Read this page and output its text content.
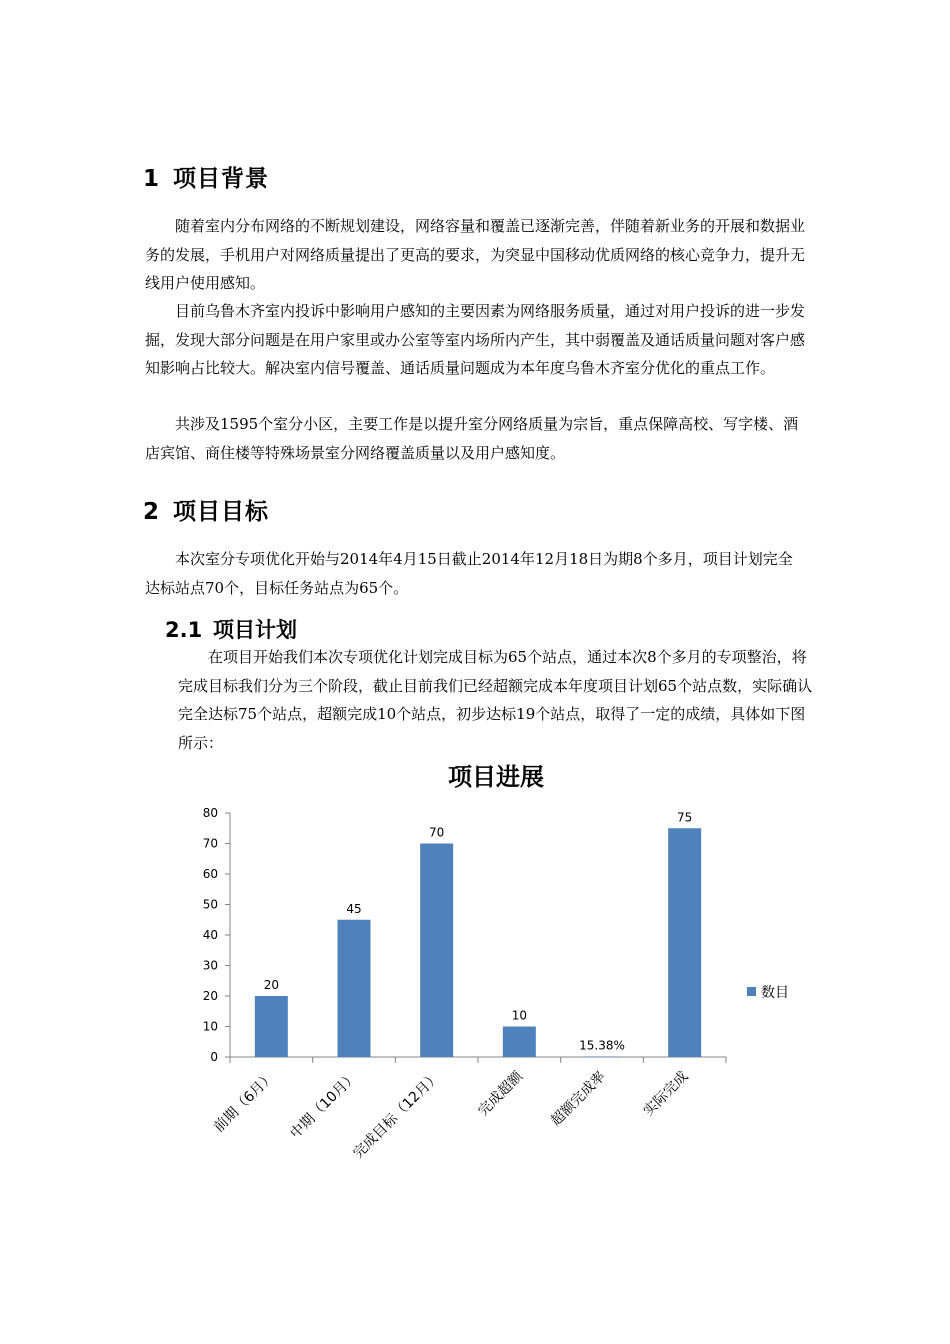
1 项目背景

随着室内分布网络的不断规划建设，网络容量和覆盖已逐渐完善，伴随着新业务的开展和数据业务的发展，手机用户对网络质量提出了更高的要求，为突显中国移动优质网络的核心竞争力，提升无线用户使用感知。

目前乌鲁木齐室内投诉中影响用户感知的主要因素为网络服务质量，通过对用户投诉的进一步发掘，发现大部分问题是在用户家里或办公室等室内场所内产生，其中弱覆盖及通话质量问题对客户感知影响占比较大。解决室内信号覆盖、通话质量问题成为本年度乌鲁木齐室分优化的重点工作。

共涉及1595个室分小区，主要工作是以提升室分网络质量为宗旨，重点保障高校、写字楼、酒店宾馆、商住楼等特殊场景室分网络覆盖质量以及用户感知度。

2 项目目标

本次室分专项优化开始与2014年4月15日截止2014年12月18日为期8个多月，项目计划完全达标站点70个，目标任务站点为65个。

2.1 项目计划

在项目开始我们本次专项优化计划完成目标为65个站点，通过本次8个多月的专项整治，将完成目标我们分为三个阶段，截止目前我们已经超额完成本年度项目计划65个站点数，实际确认完全达标75个站点，超额完成10个站点，初步达标19个站点，取得了一定的成绩，具体如下图所示：

项目进展
0
10
20
30
40
50
60
70
80
前期（6月） 中期（10月）
完成目标（12月） 完成超额 超额完成率 实际完成
20
45
70
10
15.38%
75
数目
